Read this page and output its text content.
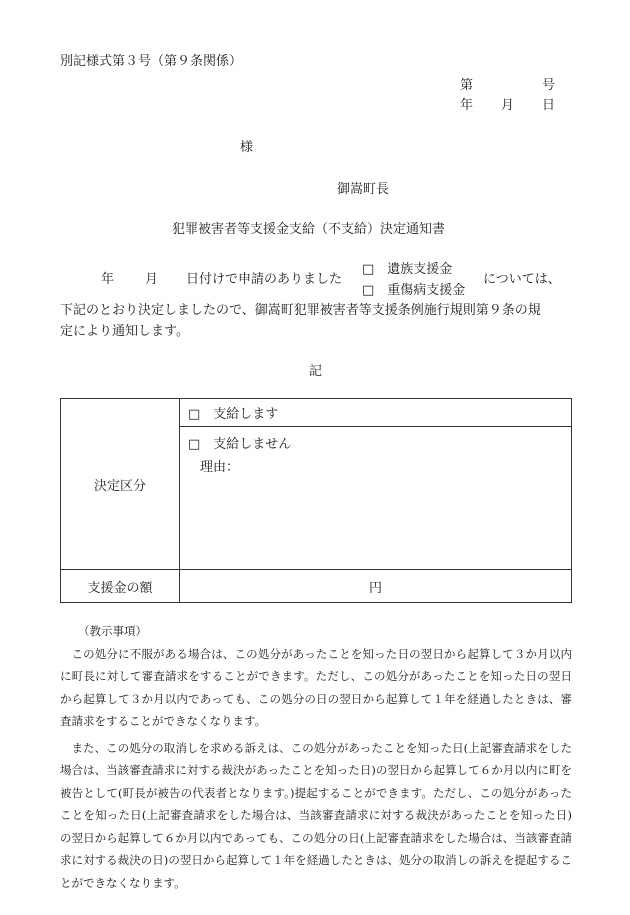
別記様式第３号（第９条関係）
第	号
年 月 日
様
御嵩町長
犯罪被害者等支援金支給（不支給）決定通知書
年 月 日付けで申請のありました
□　遺族支援金
□　重傷病支援金
については、
下記のとおり決定しましたので、御嵩町犯罪被害者等支援条例施行規則第９条の規
定により通知します。
記
決定区分	□　支給します
	□　支給しません
理由：

支援金の額	円

（教示事項）

この処分に不服がある場合は、この処分があったことを知った日の翌日から起算して３か月以内に町長に対して審査請求をすることができます。ただし、この処分があったことを知った日の翌日から起算して３か月以内であっても、この処分の日の翌日から起算して１年を経過したときは、審査請求をすることができなくなります。

また、この処分の取消しを求める訴えは、この処分があったことを知った日(上記審査請求をした場合は、当該審査請求に対する裁決があったことを知った日)の翌日から起算して６か月以内に町を被告として(町長が被告の代表者となります。)提起することができます。ただし、この処分があったことを知った日(上記審査請求をした場合は、当該審査請求に対する裁決があったことを知った日)の翌日から起算して６か月以内であっても、この処分の日(上記審査請求をした場合は、当該審査請求に対する裁決の日)の翌日から起算して１年を経過したときは、処分の取消しの訴えを提起することができなくなります。
